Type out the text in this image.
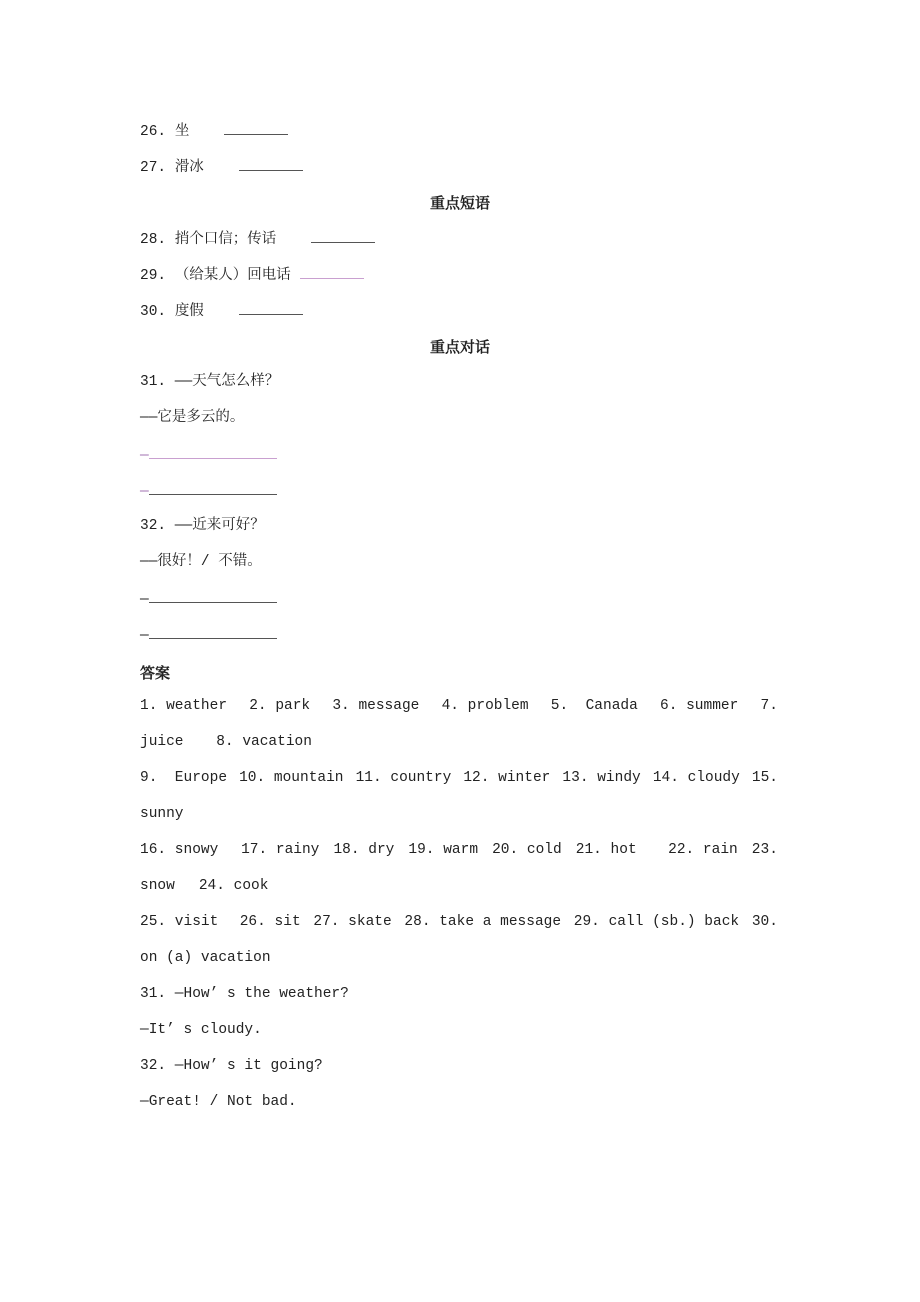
26. 坐
27. 滑冰
重点短语
28. 捎个口信；传话
29. （给某人）回电话
30. 度假
重点对话
31. ——天气怎么样？
——它是多云的。
—
—
32. ——近来可好？
——很好！/ 不错。
—
—
答案
1. weather 2. park 3. message 4. problem 5.  Canada 6. summer 7.
juice 8. vacation
9.  Europe 10. mountain 11. country 12. winter 13. windy 14. cloudy 15.
sunny
16. snowy 17. rainy 18. dry 19. warm 20. cold 21. hot 22. rain 23.
snow 24. cook
25. visit 26. sit 27. skate 28. take a message 29. call (sb.) back 30.
on (a) vacation
31. —How’ s the weather?
—It’ s cloudy.
32. —How’ s it going?
—Great! / Not bad.
